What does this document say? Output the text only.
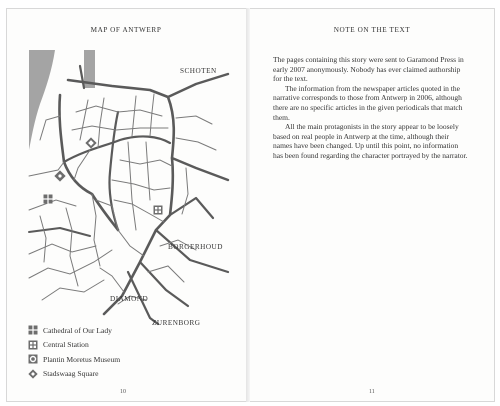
MAP OF ANTWERP	NOTE ON THE TEXT
SCHOTEN
BORGERHOUD
DIAMOND
ZURENBORG
Cathedral of Our Lady
Central Station
Plantin Moretus Museum
Stadswaag Square

The pages containing this story were sent to Garamond Press in early 2007 anonymously. Nobody has ever claimed authorship for the text.

The information from the newspaper articles quoted in the narrative corresponds to those from Antwerp in 2006, although there are no specific articles in the given periodicals that match them.

All the main protagonists in the story appear to be loosely based on real people in Antwerp at the time, although their names have been changed. Up until this point, no information has been found regarding the character portrayed by the narrator.

10	11
